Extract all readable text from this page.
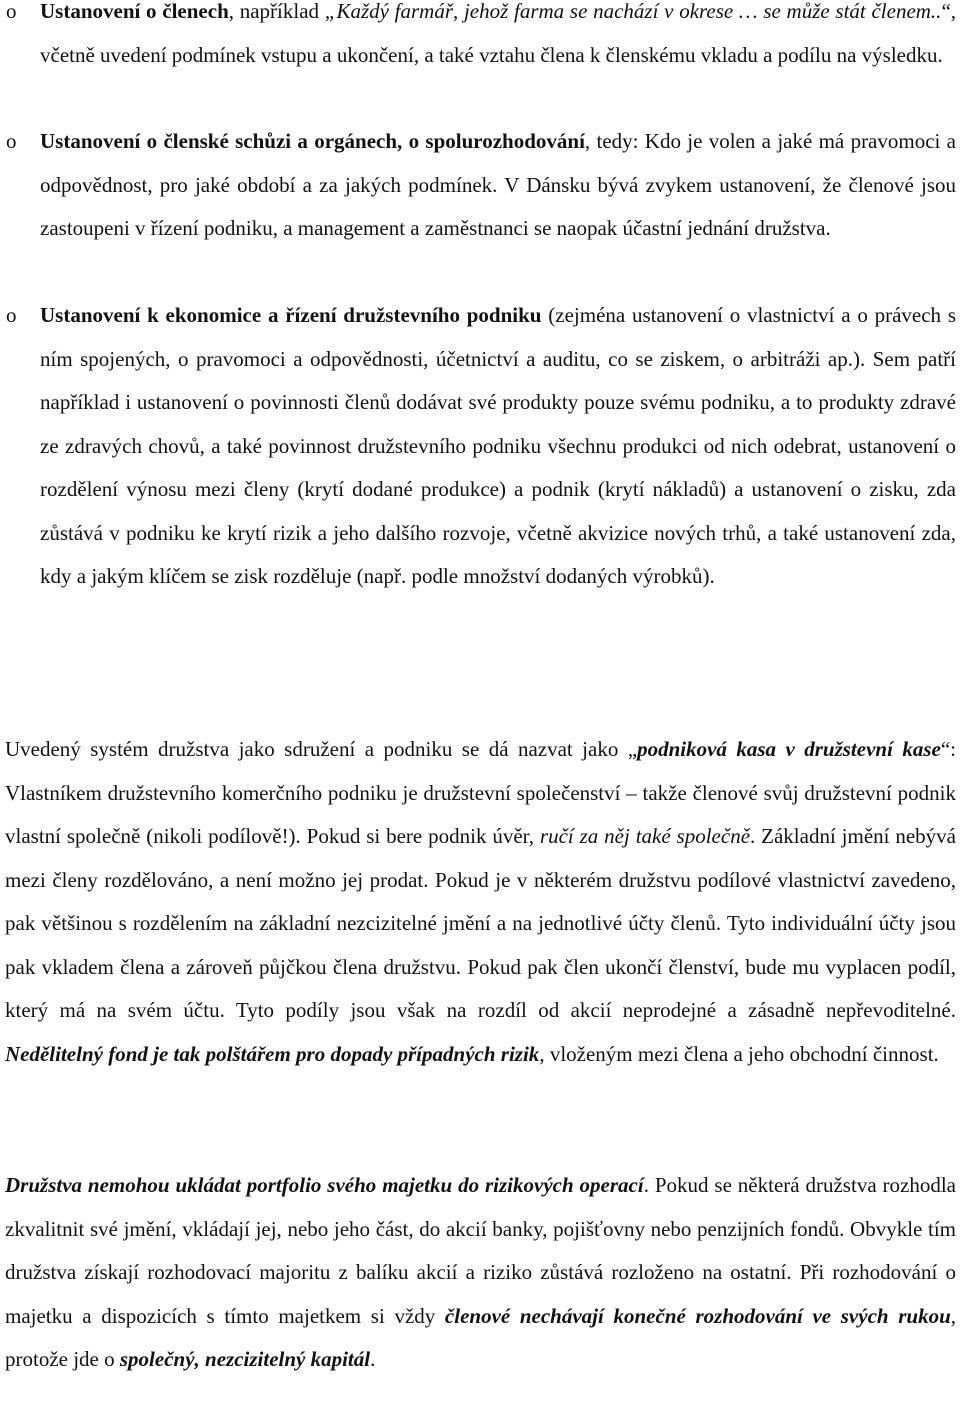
o Ustanovení o členech, například „Každý farmář, jehož farma se nachází v okrese … se může stát členem..“, včetně uvedení podmínek vstupu a ukončení, a také vztahu člena k členskému vkladu a podílu na výsledku.
o Ustanovení o členské schůzi a orgánech, o spolurozhodování, tedy: Kdo je volen a jaké má pravomoci a odpovědnost, pro jaké období a za jakých podmínek. V Dánsku bývá zvykem ustanovení, že členové jsou zastoupeni v řízení podniku, a management a zaměstnanci se naopak účastní jednání družstva.
o Ustanovení k ekonomice a řízení družstevního podniku (zejména ustanovení o vlastnictví a o právech s ním spojených, o pravomoci a odpovědnosti, účetnictví a auditu, co se ziskem, o arbitráži ap.). Sem patří například i ustanovení o povinnosti členů dodávat své produkty pouze svému podniku, a to produkty zdravé ze zdravých chovů, a také povinnost družstevního podniku všechnu produkci od nich odebrat, ustanovení o rozdělení výnosu mezi členy (krytí dodané produkce) a podnik (krytí nákladů) a ustanovení o zisku, zda zůstává v podniku ke krytí rizik a jeho dalšího rozvoje, včetně akvizice nových trhů, a také ustanovení zda, kdy a jakým klíčem se zisk rozděluje (např. podle množství dodaných výrobků).
Uvedený systém družstva jako sdružení a podniku se dá nazvat jako „podniková kasa v družstevní kase“: Vlastníkem družstevního komerčního podniku je družstevní společenství – takže členové svůj družstevní podnik vlastní společně (nikoli podílově!). Pokud si bere podnik úvěr, ručí za něj také společně. Základní jmění nebývá mezi členy rozdělováno, a není možno jej prodat. Pokud je v některém družstvu podílové vlastnictví zavedeno, pak většinou s rozdělením na základní nezcizitelné jmění a na jednotlivé účty členů. Tyto individuální účty jsou pak vkladem člena a zároveň půjčkou člena družstvu. Pokud pak člen ukončí členství, bude mu vyplacen podíl, který má na svém účtu. Tyto podíly jsou však na rozdíl od akcií neprodejné a zásadně nepřevoditelné. Nedělitelný fond je tak polštářem pro dopady případných rizik, vloženým mezi člena a jeho obchodní činnost.
Družstva nemohou ukládat portfolio svého majetku do rizikových operací. Pokud se některá družstva rozhodla zkvalitnit své jmění, vkládají jej, nebo jeho část, do akcií banky, pojišťovny nebo penzijních fondů. Obvykle tím družstva získají rozhodovací majoritu z balíku akcií a riziko zůstává rozloženo na ostatní. Při rozhodování o majetku a dispozicích s tímto majetkem si vždy členové nechávají konečné rozhodování ve svých rukou, protože jde o společný, nezcizitelný kapitál.
